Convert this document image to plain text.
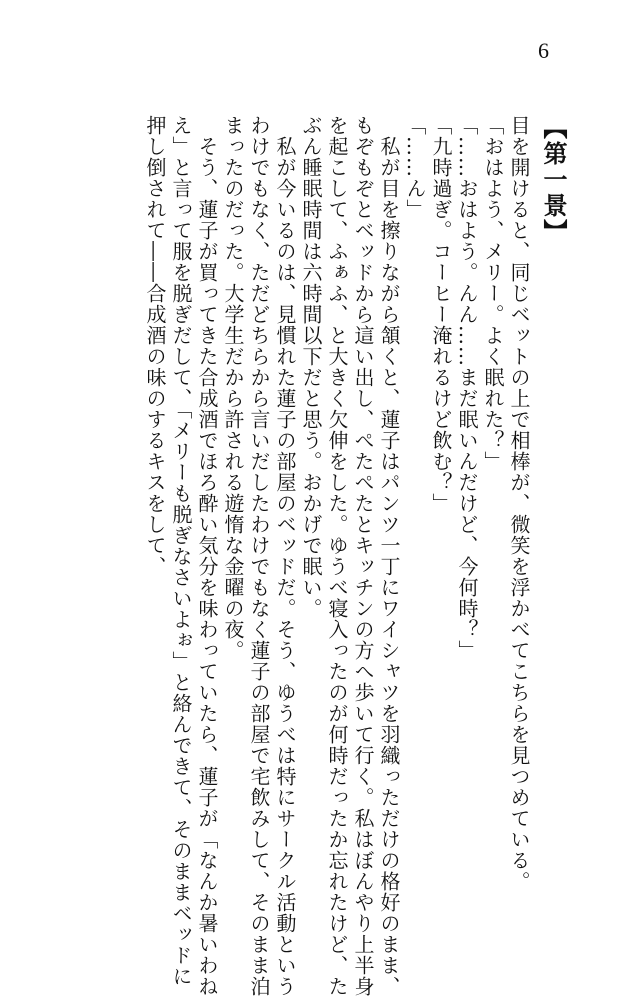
6
【第一景】
目を開けると、同じベットの上で相棒が、微笑を浮かべてこちらを見つめている。
「おはよう、メリー。よく眠れた？」
「……おはよう。んん……まだ眠いんだけど、今何時？」
「九時過ぎ。コーヒー淹れるけど飲む？」
「……ん」
　私が目を擦りながら頷くと、蓮子はパンツ一丁にワイシャツを羽織っただけの格好のまま、
もぞもぞとベッドから這い出し、ぺたぺたとキッチンの方へ歩いて行く。私はぼんやり上半身
を起こして、ふぁふ、と大きく欠伸をした。ゆうべ寝入ったのが何時だったか忘れたけど、た
ぶん睡眠時間は六時間以下だと思う。おかげで眠い。
　私が今いるのは、見慣れた蓮子の部屋のベッドだ。そう、ゆうべは特にサークル活動という
わけでもなく、ただどちらから言いだしたわけでもなく蓮子の部屋で宅飲みして、そのまま泊
まったのだった。大学生だから許される遊惰な金曜の夜。
　そう、蓮子が買ってきた合成酒でほろ酔い気分を味わっていたら、蓮子が「なんか暑いわね
え」と言って服を脱ぎだして、「メリーも脱ぎなさいよぉ」と絡んできて、そのままベッドに
押し倒されて――合成酒の味のするキスをして、
